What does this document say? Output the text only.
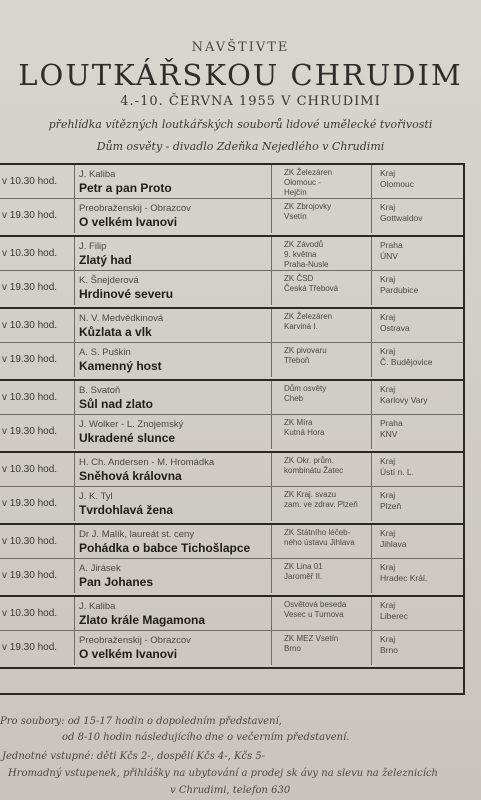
NAVŠTIVTE
LOUTKÁŘSKOU CHRUDIM
4.-10. ČERVNA 1955 V CHRUDIMI
přehlídka vítězných loutkářských souborů lidové umělecké tvořivosti
Dům osvěty - divadlo Zdeňka Nejedlého v Chrudimi
v 10.30 hod.
J. Kaliba
Petr a pan Proto
ZK Železáren
Olomouc -
Hejčín
Kraj
Olomouc
v 19.30 hod.
Preobraženskij - Obrazcov
O velkém Ivanovi
ZK Zbrojovky
Vsetín
Kraj
Gottwaldov
v 10.30 hod.
J. Filip
Zlatý had
ZK Závodů
9. května
Praha-Nusle
Praha
ÚNV
v 19.30 hod.
K. Šnejderová
Hrdinové severu
ZK ČSD
Česká Třebová
Kraj
Pardubice
v 10.30 hod.
N. V. Medvědkinová
Kůzlata a vlk
ZK Železáren
Karviná I.
Kraj
Ostrava
v 19.30 hod.
A. S. Puškin
Kamenný host
ZK pivovaru
Třeboň
Kraj
Č. Budějovice
v 10.30 hod.
B. Svatoň
Sůl nad zlato
Dům osvěty
Cheb
Kraj
Karlovy Vary
v 19.30 hod.
J. Wolker - L. Znojemský
Ukradené slunce
ZK Míra
Kutná Hora
Praha
KNV
v 10.30 hod.
H. Ch. Andersen - M. Hromádka
Sněhová královna
ZK Okr. prům.
kombinátu Žatec
Kraj
Ústí n. L.
v 19.30 hod.
J. K. Tyl
Tvrdohlavá žena
ZK Kraj. svazu
zam. ve zdrav. Plzeň
Kraj
Plzeň
v 10.30 hod.
Dr J. Malík, laureát st. ceny
Pohádka o babce Tichošlapce
ZK Státního léčeb-
ného ústavu Jihlava
Kraj
Jihlava
v 19.30 hod.
A. Jirásek
Pan Johanes
ZK Lina 01
Jaroměř II.
Kraj
Hradec Král.
v 10.30 hod.
J. Kaliba
Zlato krále Magamona
Osvětová beseda
Vesec u Turnova
Kraj
Liberec
v 19.30 hod.
Preobraženskij - Obrazcov
O velkém Ivanovi
ZK MEZ Vsetín
Brno
Kraj
Brno
Pro soubory: od 15-17 hodin o dopoledním představení,
od 8-10 hodin následujícího dne o večerním představení.
Jednotné vstupné: děti Kčs 2-, dospělí Kčs 4-, Kčs 5-
Hromadný vstupenek, přihlášky na ubytování a prodej sk ávy na slevu na železnicích
v Chrudimi, telefon 630
